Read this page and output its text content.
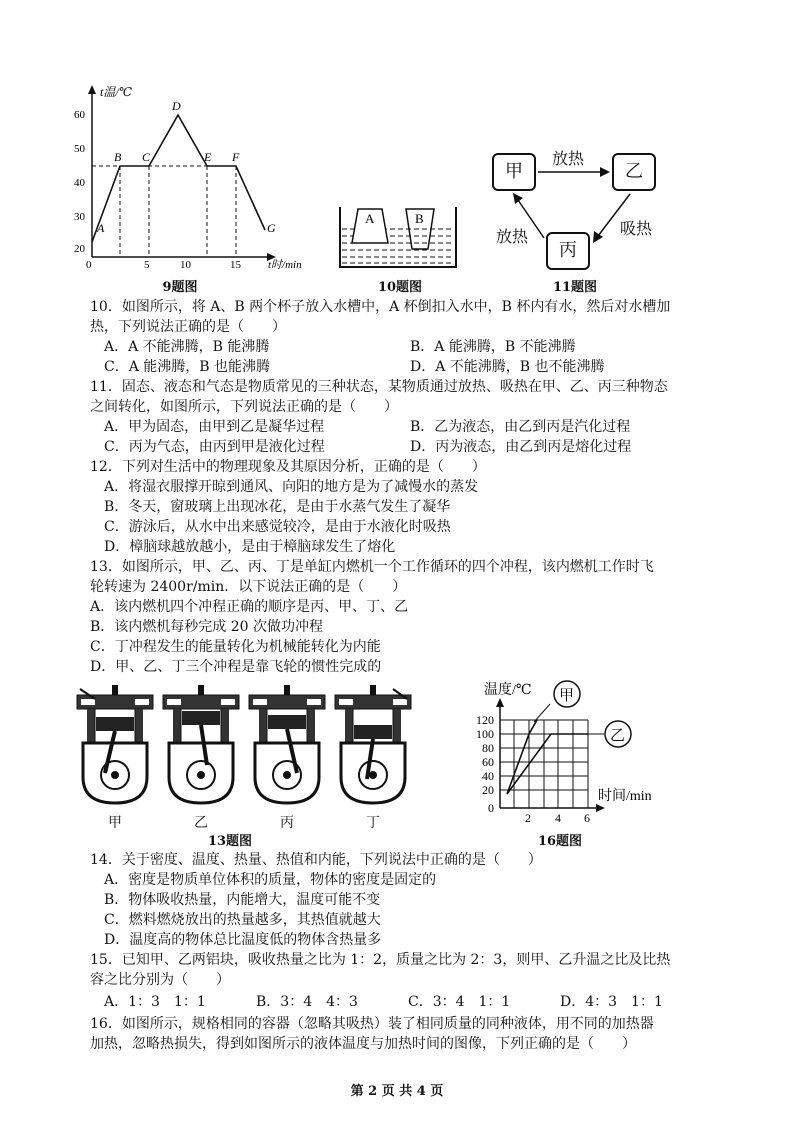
t温/℃
t时/min
60
50
40
30
20
0	5	10	15
A
B C
D
E F
G
9题图
A	B
10题图
甲	乙
丙
放热
吸热
放热
11题图
10．如图所示，将 A、B 两个杯子放入水槽中，A 杯倒扣入水中，B 杯内有水，然后对水槽加
热，下列说法正确的是（　　）
A．A 不能沸腾，B 能沸腾	B．A 能沸腾，B 不能沸腾
C．A 能沸腾，B 也能沸腾	D．A 不能沸腾，B 也不能沸腾
11．固态、液态和气态是物质常见的三种状态，某物质通过放热、吸热在甲、乙、丙三种物态
之间转化，如图所示，下列说法正确的是（　　）
A．甲为固态，由甲到乙是凝华过程	B．乙为液态，由乙到丙是汽化过程
C．丙为气态，由丙到甲是液化过程	D．丙为液态，由乙到丙是熔化过程
12．下列对生活中的物理现象及其原因分析，正确的是（　　）
A．将湿衣服撑开晾到通风、向阳的地方是为了减慢水的蒸发
B．冬天，窗玻璃上出现冰花，是由于水蒸气发生了凝华
C．游泳后，从水中出来感觉较冷，是由于水液化时吸热
D．樟脑球越放越小，是由于樟脑球发生了熔化
13．如图所示，甲、乙、丙、丁是单缸内燃机一个工作循环的四个冲程，该内燃机工作时飞
轮转速为 2400r/min．以下说法正确的是（　　）
A．该内燃机四个冲程正确的顺序是丙、甲、丁、乙
B．该内燃机每秒完成 20 次做功冲程
C．丁冲程发生的能量转化为机械能转化为内能
D．甲、乙、丁三个冲程是靠飞轮的惯性完成的
甲	乙	丙	丁
13题图
温度/℃
120
100
80
60
40
20
0
2 4 6
时间/min
甲
乙
16题图
14．关于密度、温度、热量、热值和内能，下列说法中正确的是（　　）
A．密度是物质单位体积的质量，物体的密度是固定的
B．物体吸收热量，内能增大，温度可能不变
C．燃料燃烧放出的热量越多，其热值就越大
D．温度高的物体总比温度低的物体含热量多
15．已知甲、乙两铝块，吸收热量之比为 1：2，质量之比为 2：3，则甲、乙升温之比及比热
容之比分别为（　　）
A．1：3　1：1	B．3：4　4：3	C．3：4　1：1	D．4：3　1：1
16．如图所示，规格相同的容器（忽略其吸热）装了相同质量的同种液体，用不同的加热器
加热，忽略热损失，得到如图所示的液体温度与加热时间的图像，下列正确的是（　　）
第 2 页 共 4 页
